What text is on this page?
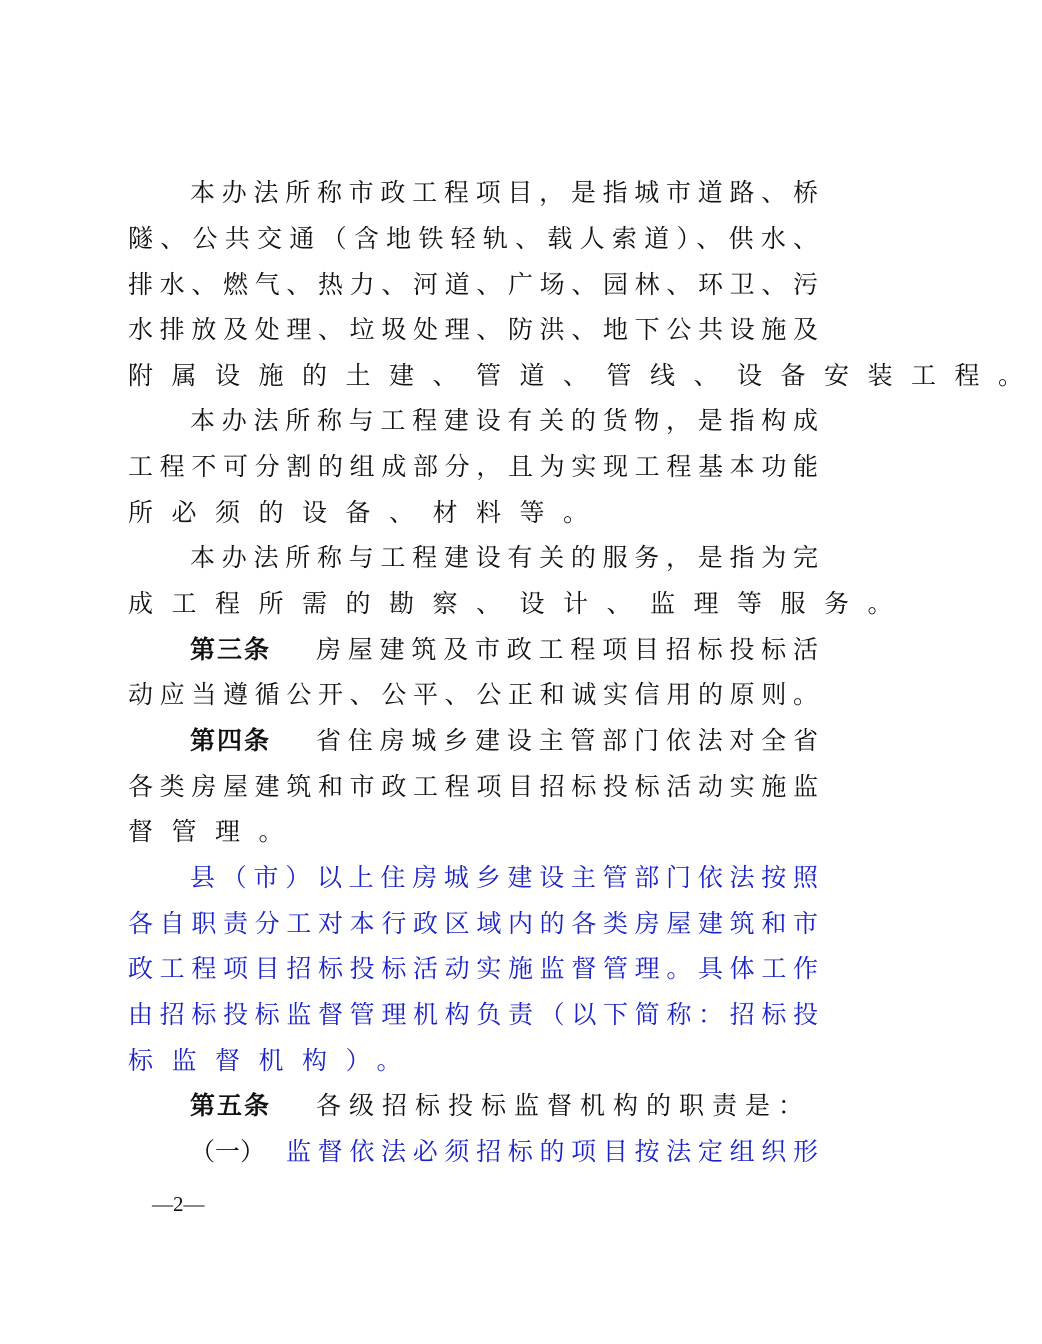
本办法所称市政工程项目，是指城市道路、桥
隧、公共交通（含地铁轻轨、载人索道）、供水、
排水、燃气、热力、河道、广场、园林、环卫、污
水排放及处理、垃圾处理、防洪、地下公共设施及
附属设施的土建、管道、管线、设备安装工程。
本办法所称与工程建设有关的货物，是指构成
工程不可分割的组成部分，且为实现工程基本功能
所必须的设备、材料等。
本办法所称与工程建设有关的服务，是指为完
成工程所需的勘察、设计、监理等服务。
第三条 房屋建筑及市政工程项目招标投标活
动应当遵循公开、公平、公正和诚实信用的原则。
第四条 省住房城乡建设主管部门依法对全省
各类房屋建筑和市政工程项目招标投标活动实施监
督管理。
县（市）以上住房城乡建设主管部门依法按照
各自职责分工对本行政区域内的各类房屋建筑和市
政工程项目招标投标活动实施监督管理。具体工作
由招标投标监督管理机构负责（以下简称：招标投
标监督机构）。
第五条 各级招标投标监督机构的职责是：
（一） 监督依法必须招标的项目按法定组织形
—2—
